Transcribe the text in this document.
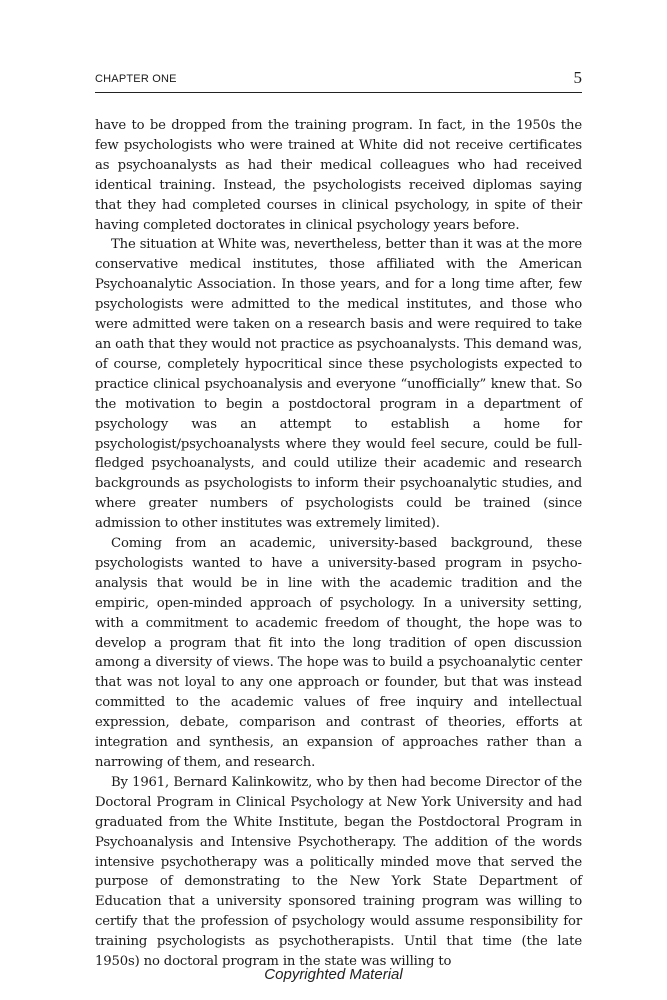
CHAPTER ONE	5

have to be dropped from the training program. In fact, in the 1950s the few psychologists who were trained at White did not receive certificates as psychoanalysts as had their medical colleagues who had received identical training. Instead, the psychologists received diplomas saying that they had completed courses in clinical psychology, in spite of their having completed doctorates in clinical psychology years before.

The situation at White was, nevertheless, better than it was at the more conservative medical institutes, those affiliated with the American Psychoanalytic Association. In those years, and for a long time after, few psychologists were admitted to the medical institutes, and those who were admitted were taken on a research basis and were required to take an oath that they would not practice as psychoanalysts. This demand was, of course, completely hypocritical since these psychologists expected to practice clinical psychoanalysis and everyone “unofficially” knew that. So the motivation to begin a postdoctoral program in a department of psychology was an attempt to establish a home for psychologist/psychoanalysts where they would feel secure, could be full-fledged psychoanalysts, and could utilize their academic and research backgrounds as psychologists to inform their psychoanalytic studies, and where greater numbers of psychologists could be trained (since admission to other institutes was extremely limited).

Coming from an academic, university-based background, these psychologists wanted to have a university-based program in psychoanalysis that would be in line with the academic tradition and the empiric, open-minded approach of psychology. In a university setting, with a commitment to academic freedom of thought, the hope was to develop a program that fit into the long tradition of open discussion among a diversity of views. The hope was to build a psychoanalytic center that was not loyal to any one approach or founder, but that was instead committed to the academic values of free inquiry and intellectual expression, debate, comparison and contrast of theories, efforts at integration and synthesis, an expansion of approaches rather than a narrowing of them, and research.

By 1961, Bernard Kalinkowitz, who by then had become Director of the Doctoral Program in Clinical Psychology at New York University and had graduated from the White Institute, began the Postdoctoral Program in Psychoanalysis and Intensive Psychotherapy. The addition of the words intensive psychotherapy was a politically minded move that served the purpose of demonstrating to the New York State Department of Education that a university sponsored training program was willing to certify that the profession of psychology would assume responsibility for training psychologists as psychotherapists. Until that time (the late 1950s) no doctoral program in the state was willing to

Copyrighted Material
